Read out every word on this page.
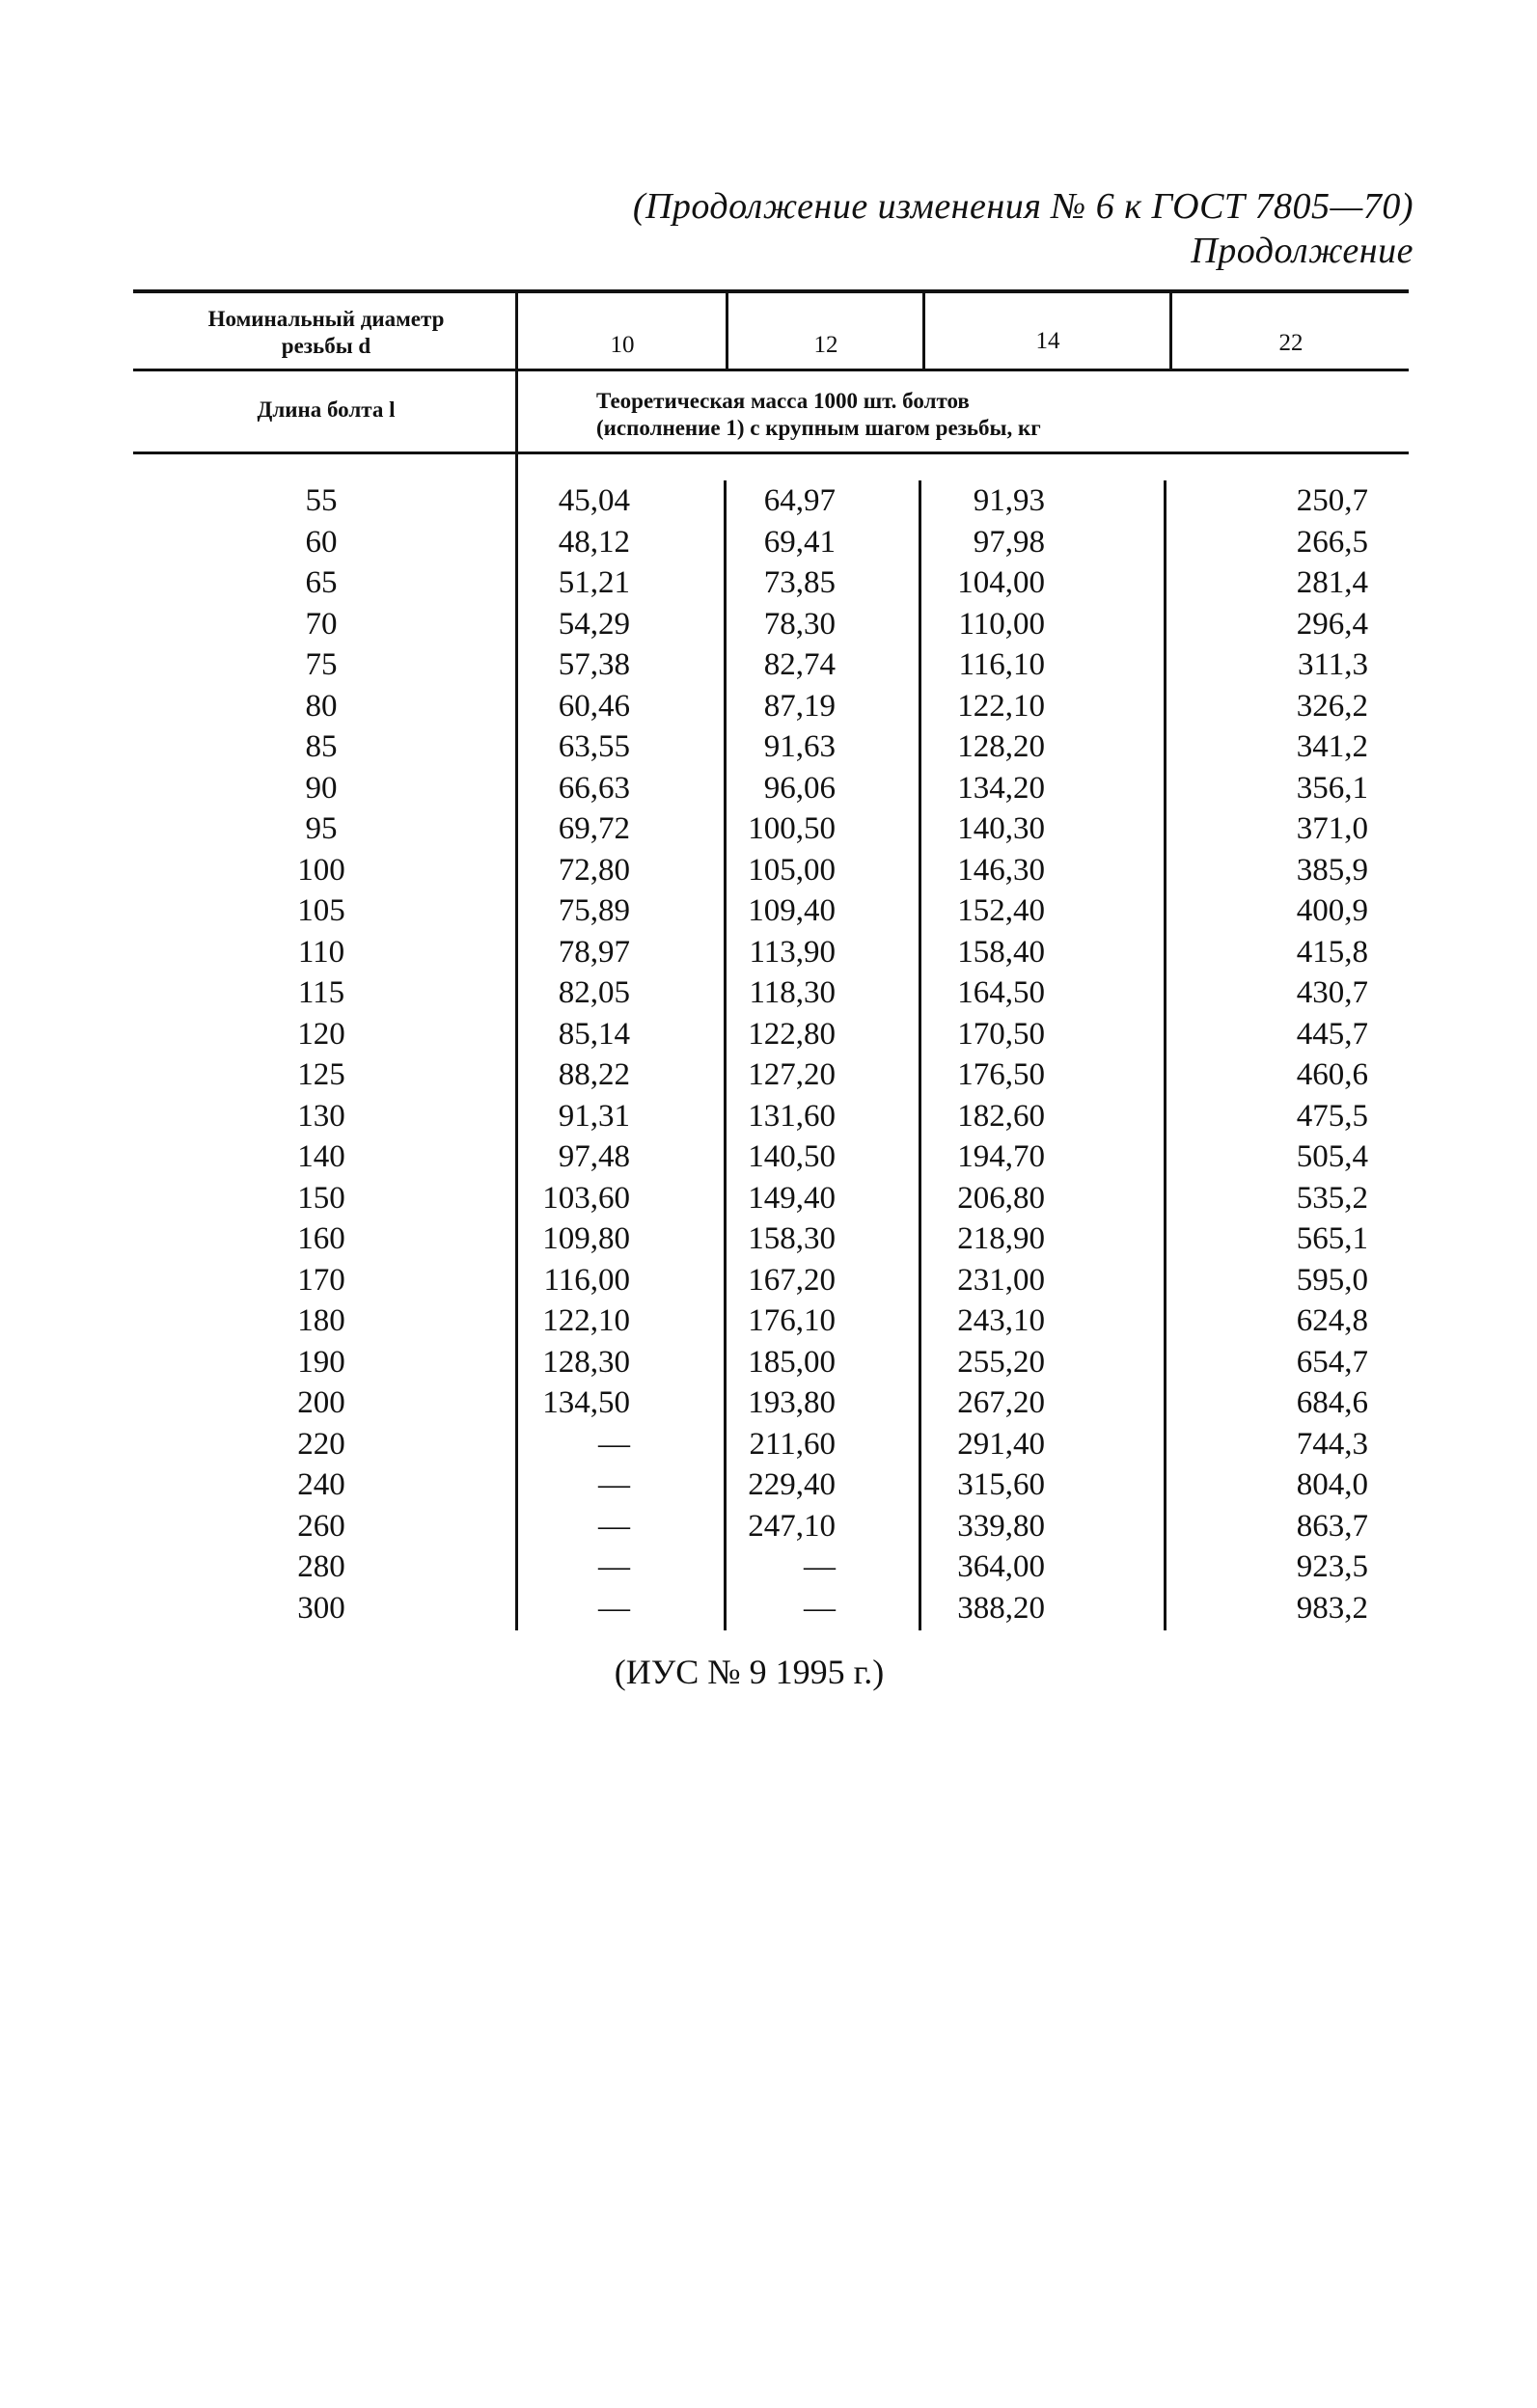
(Продолжение изменения № 6 к ГОСТ 7805—70)
Продолжение
Номинальный диаметр резьбы d	10	12	14	22
Длина болта l	Теоретическая масса 1000 шт. болтов (исполнение 1) с крупным шагом резьбы, кг
55	45,04	64,97	91,93	250,7
60	48,12	69,41	97,98	266,5
65	51,21	73,85	104,00	281,4
70	54,29	78,30	110,00	296,4
75	57,38	82,74	116,10	311,3
80	60,46	87,19	122,10	326,2
85	63,55	91,63	128,20	341,2
90	66,63	96,06	134,20	356,1
95	69,72	100,50	140,30	371,0
100	72,80	105,00	146,30	385,9
105	75,89	109,40	152,40	400,9
110	78,97	113,90	158,40	415,8
115	82,05	118,30	164,50	430,7
120	85,14	122,80	170,50	445,7
125	88,22	127,20	176,50	460,6
130	91,31	131,60	182,60	475,5
140	97,48	140,50	194,70	505,4
150	103,60	149,40	206,80	535,2
160	109,80	158,30	218,90	565,1
170	116,00	167,20	231,00	595,0
180	122,10	176,10	243,10	624,8
190	128,30	185,00	255,20	654,7
200	134,50	193,80	267,20	684,6
220	—	211,60	291,40	744,3
240	—	229,40	315,60	804,0
260	—	247,10	339,80	863,7
280	—	—	364,00	923,5
300	—	—	388,20	983,2
(ИУС № 9 1995 г.)
